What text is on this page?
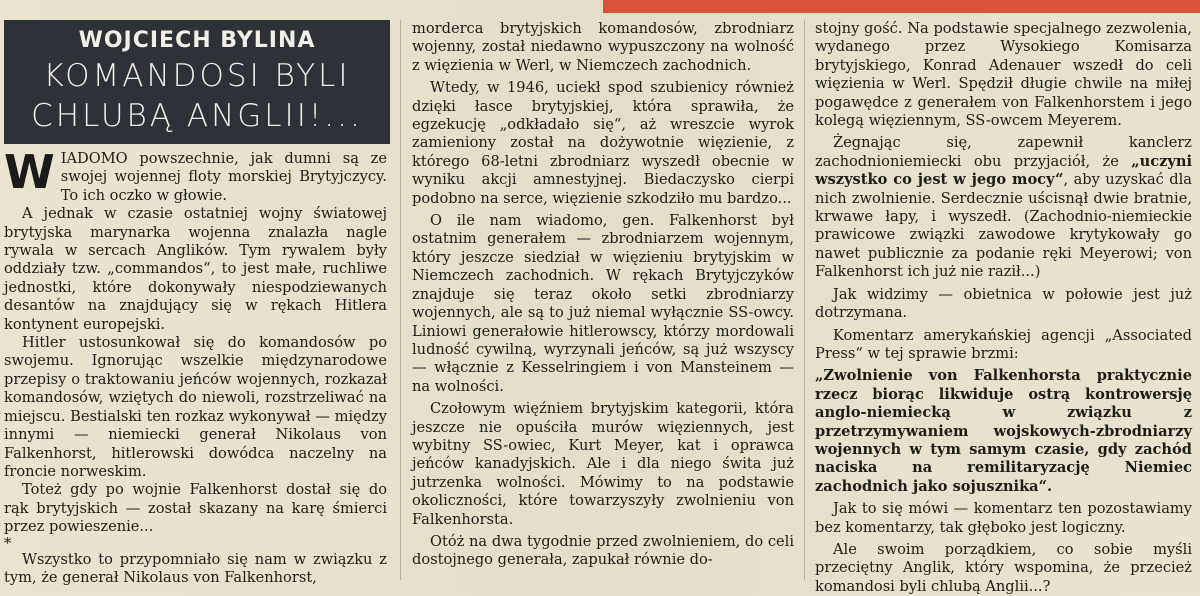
WOJCIECH BYLINA
KOMANDOSI BYLI
CHLUBĄ ANGLII!...

WIADOMO powszechnie, jak dumni są ze swojej wojennej floty morskiej Brytyjczycy. To ich oczko w głowie.

A jednak w czasie ostatniej wojny światowej brytyjska marynarka wojenna znalazła nagle rywala w sercach Anglików. Tym rywalem były oddziały tzw. „commandos“, to jest małe, ruchliwe jednostki, które dokonywały niespodziewanych desantów na znajdujący się w rękach Hitlera kontynent europejski.

Hitler ustosunkował się do komandosów po swojemu. Ignorując wszelkie międzynarodowe przepisy o traktowaniu jeńców wojennych, rozkazał komandosów, wziętych do niewoli, rozstrzeliwać na miejscu. Bestialski ten rozkaz wykonywał — między innymi — niemiecki generał Nikolaus von Falkenhorst, hitlerowski dowódca naczelny na froncie norweskim.

Toteż gdy po wojnie Falkenhorst dostał się do rąk brytyjskich — został skazany na karę śmierci przez powieszenie...

*

Wszystko to przypomniało się nam w związku z tym, że generał Nikolaus von Falkenhorst,

morderca brytyjskich komandosów, zbrodniarz wojenny, został niedawno wypuszczony na wolność z więzienia w Werl, w Niemczech zachodnich.

Wtedy, w 1946, uciekł spod szubienicy również dzięki łasce brytyjskiej, która sprawiła, że egzekucję „odkładało się“, aż wreszcie wyrok zamieniony został na dożywotnie więzienie, z którego 68-letni zbrodniarz wyszedł obecnie w wyniku akcji amnestyjnej. Biedaczysko cierpi podobno na serce, więzienie szkodziło mu bardzo...

O ile nam wiadomo, gen. Falkenhorst był ostatnim generałem — zbrodniarzem wojennym, który jeszcze siedział w więzieniu brytyjskim w Niemczech zachodnich. W rękach Brytyjczyków znajduje się teraz około setki zbrodniarzy wojennych, ale są to już niemal wyłącznie SS-owcy. Liniowi generałowie hitlerowscy, którzy mordowali ludność cywilną, wyrzynali jeńców, są już wszyscy — włącznie z Kesselringiem i von Mansteinem — na wolności.

Czołowym więźniem brytyjskim kategorii, która jeszcze nie opuściła murów więziennych, jest wybitny SS-owiec, Kurt Meyer, kat i oprawca jeńców kanadyjskich. Ale i dla niego świta już jutrzenka wolności. Mówimy to na podstawie okoliczności, które towarzyszyły zwolnieniu von Falkenhorsta.

Otóż na dwa tygodnie przed zwolnieniem, do celi dostojnego generała, zapukał równie do-

stojny gość. Na podstawie specjalnego zezwolenia, wydanego przez Wysokiego Komisarza brytyjskiego, Konrad Adenauer wszedł do celi więzienia w Werl. Spędził długie chwile na miłej pogawędce z generałem von Falkenhorstem i jego kolegą więziennym, SS-owcem Meyerem.

Żegnając się, zapewnił kanclerz zachodnioniemiecki obu przyjaciół, że „uczyni wszystko co jest w jego mocy“, aby uzyskać dla nich zwolnienie. Serdecznie uścisnął dwie bratnie, krwawe łapy, i wyszedł. (Zachodnio-niemieckie prawicowe związki zawodowe krytykowały go nawet publicznie za podanie ręki Meyerowi; von Falkenhorst ich już nie raził...)

Jak widzimy — obietnica w połowie jest już dotrzymana.

Komentarz amerykańskiej agencji „Associated Press“ w tej sprawie brzmi:

„Zwolnienie von Falkenhorsta praktycznie rzecz biorąc likwiduje ostrą kontrowersję anglo-niemiecką w związku z przetrzymywaniem wojskowych-zbrodniarzy wojennych w tym samym czasie, gdy zachód naciska na remilitaryzację Niemiec zachodnich jako sojusznika“.

Jak to się mówi — komentarz ten pozostawiamy bez komentarzy, tak głęboko jest logiczny.

Ale swoim porządkiem, co sobie myśli przeciętny Anglik, który wspomina, że przecież komandosi byli chlubą Anglii...?
